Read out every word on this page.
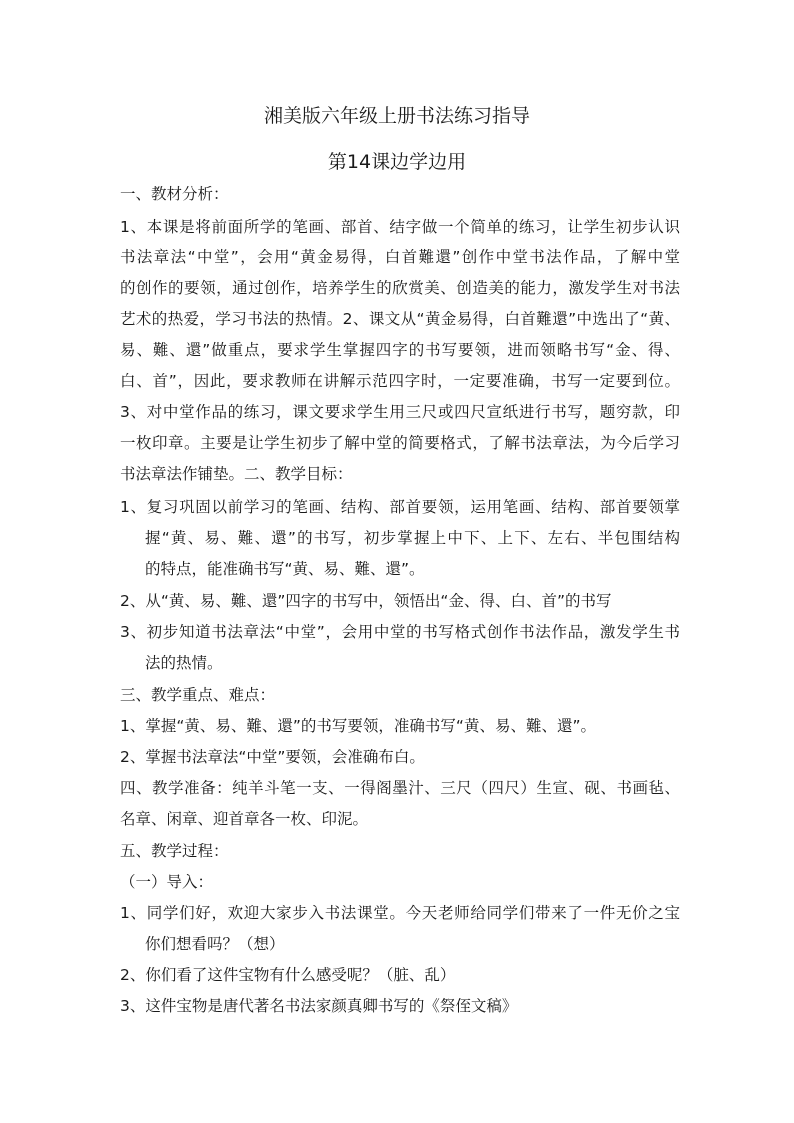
湘美版六年级上册书法练习指导
第14课边学边用
一、教材分析：
1、本课是将前面所学的笔画、部首、结字做一个简单的练习，让学生初步认识
书法章法“中堂”，会用“黄金易得，白首難還”创作中堂书法作品，了解中堂
的创作的要领，通过创作，培养学生的欣赏美、创造美的能力，激发学生对书法
艺术的热爱，学习书法的热情。2、课文从“黄金易得，白首難還”中选出了“黄、
易、難、還”做重点，要求学生掌握四字的书写要领，进而领略书写“金、得、
白、首”，因此，要求教师在讲解示范四字时，一定要准确，书写一定要到位。
3、对中堂作品的练习，课文要求学生用三尺或四尺宣纸进行书写，题穷款，印
一枚印章。主要是让学生初步了解中堂的简要格式，了解书法章法，为今后学习
书法章法作铺垫。二、教学目标：
1、复习巩固以前学习的笔画、结构、部首要领，运用笔画、结构、部首要领掌
握“黄、易、難、還”的书写，初步掌握上中下、上下、左右、半包围结构
的特点，能准确书写“黄、易、難、還”。
2、从“黄、易、難、還”四字的书写中，领悟出“金、得、白、首”的书写
3、初步知道书法章法“中堂”，会用中堂的书写格式创作书法作品，激发学生书
法的热情。
三、教学重点、难点：
1、掌握“黄、易、難、還”的书写要领，准确书写“黄、易、難、還”。
2、掌握书法章法“中堂”要领，会准确布白。
四、教学准备：纯羊斗笔一支、一得阁墨汁、三尺（四尺）生宣、砚、书画毡、
名章、闲章、迎首章各一枚、印泥。
五、教学过程：
（一）导入：
1、同学们好，欢迎大家步入书法课堂。今天老师给同学们带来了一件无价之宝
你们想看吗？（想）
2、你们看了这件宝物有什么感受呢？（脏、乱）
3、这件宝物是唐代著名书法家颜真卿书写的《祭侄文稿》
